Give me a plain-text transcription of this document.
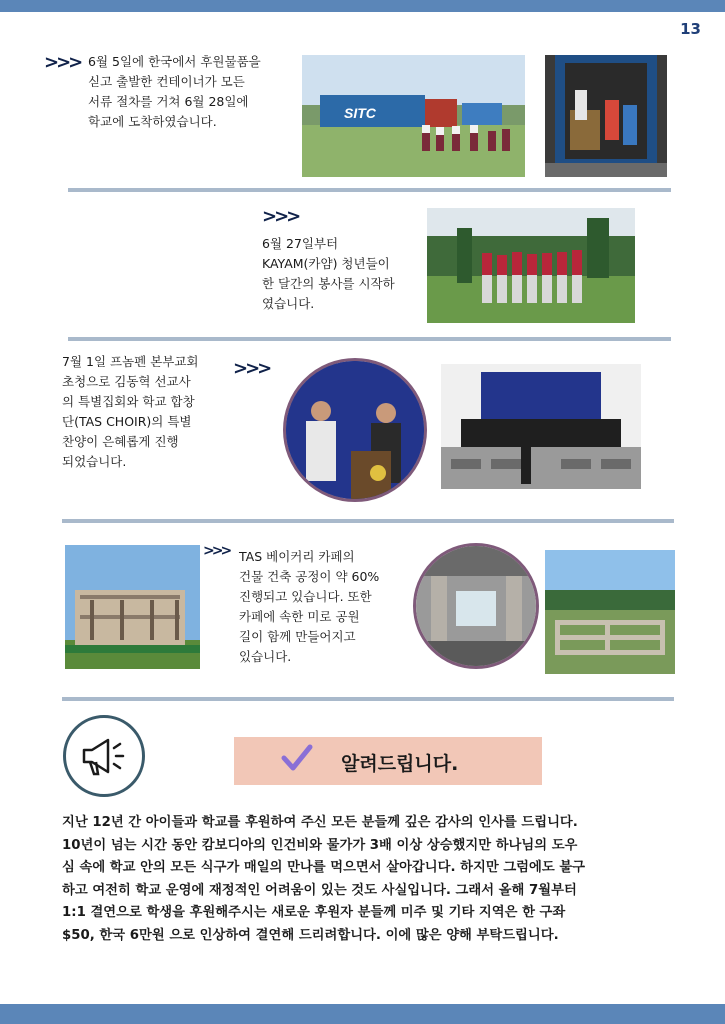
13
>>> 6월 5일에 한국에서 후원물품을
싣고 출발한 컨테이너가 모든
서류 절차를 거쳐 6월 28일에
학교에 도착하였습니다.
SITC
>>>
6월 27일부터
KAYAM(카얌) 청년들이
한 달간의 봉사를 시작하
였습니다.
7월 1일 프놈펜 본부교회
초청으로 김동혁 선교사
의 특별집회와 학교 합창
단(TAS CHOIR)의 특별
찬양이 은혜롭게 진행
되었습니다.
>>>
>>> TAS 베이커리 카페의
건물 건축 공정이 약 60%
진행되고 있습니다. 또한
카페에 속한 미로 공원
길이 함께 만들어지고
있습니다.
알려드립니다.
지난 12년 간 아이들과 학교를 후원하여 주신 모든 분들께 깊은 감사의 인사를 드립니다.
10년이 넘는 시간 동안 캄보디아의 인건비와 물가가 3배 이상 상승했지만 하나님의 도우
심 속에 학교 안의 모든 식구가 매일의 만나를 먹으면서 살아갑니다. 하지만 그럼에도 불구
하고 여전히 학교 운영에 재정적인 어려움이 있는 것도 사실입니다. 그래서 올해 7월부터
1:1 결연으로 학생을 후원해주시는 새로운 후원자 분들께 미주 및 기타 지역은 한 구좌
$50, 한국 6만원 으로 인상하여 결연해 드리려합니다. 이에 많은 양해 부탁드립니다.
